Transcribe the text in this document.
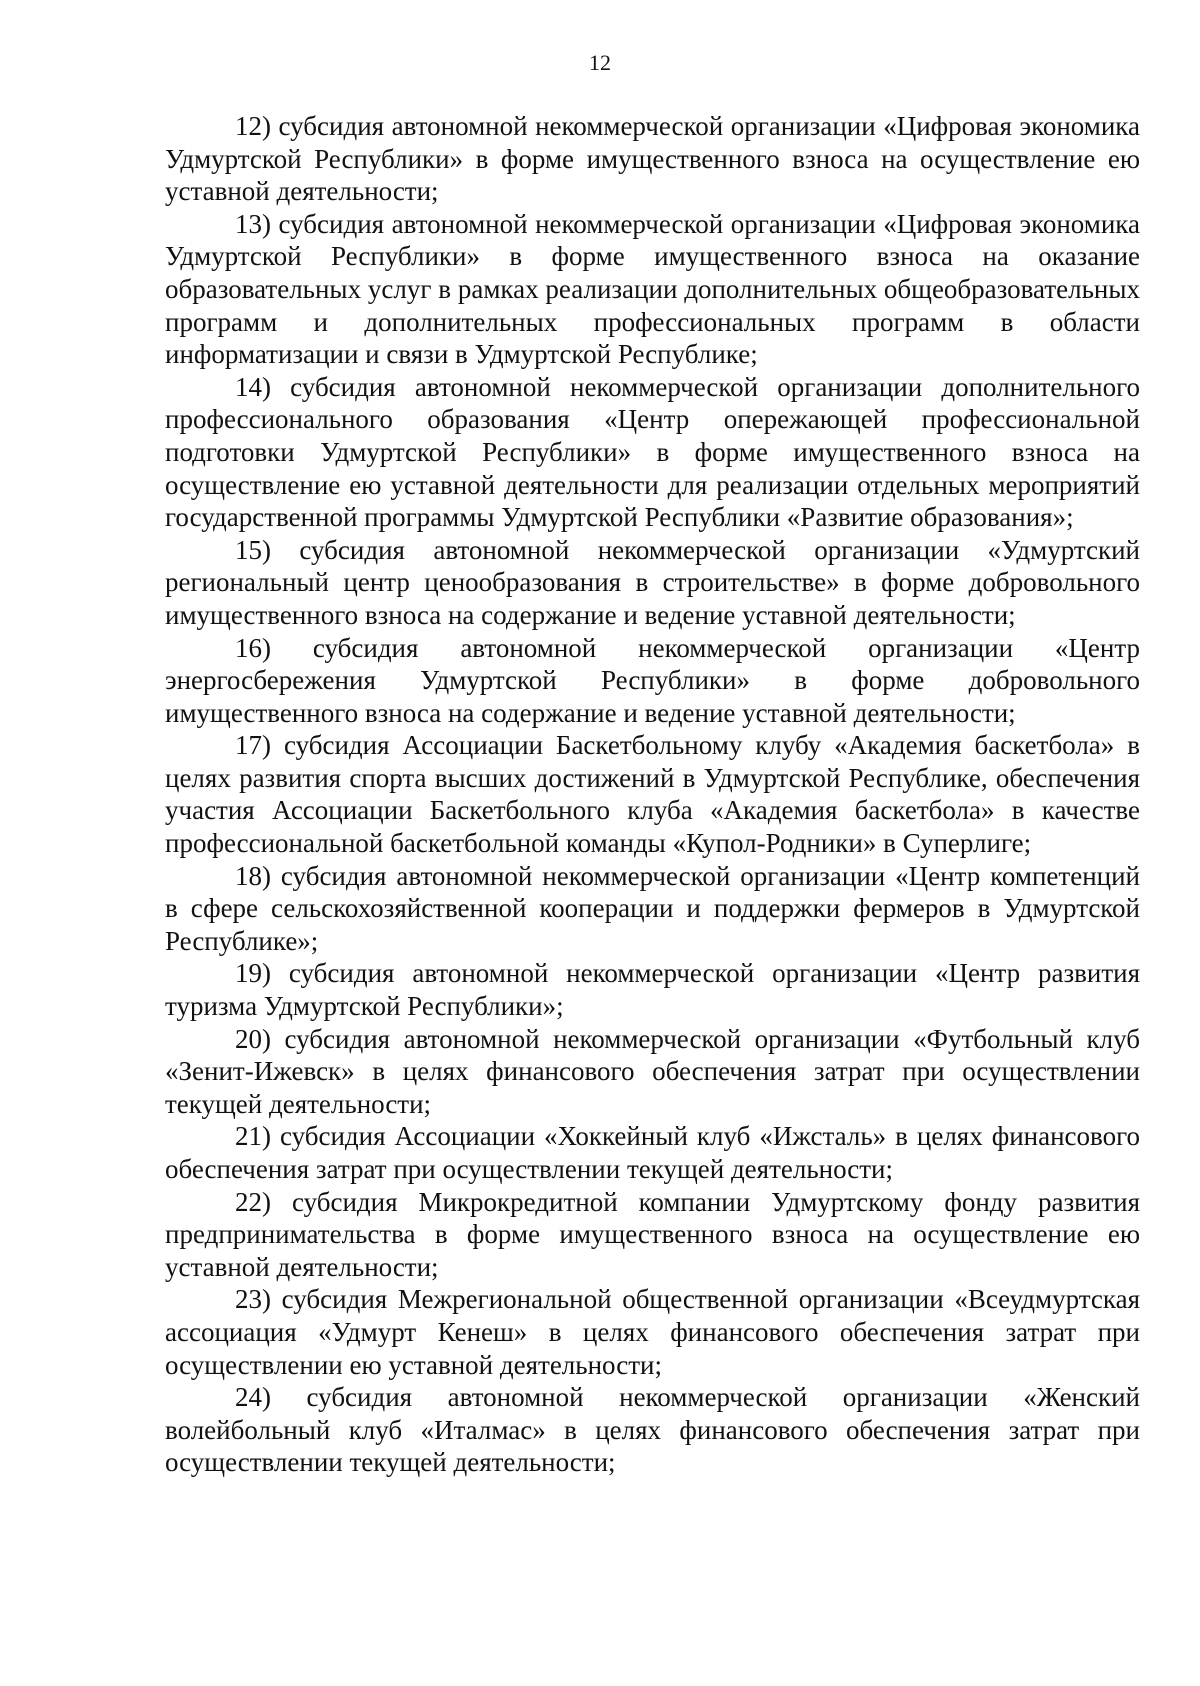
12

12) субсидия автономной некоммерческой организации «Цифровая экономика Удмуртской Республики» в форме имущественного взноса на осуществление ею уставной деятельности;

13) субсидия автономной некоммерческой организации «Цифровая экономика Удмуртской Республики» в форме имущественного взноса на оказание образовательных услуг в рамках реализации дополнительных общеобразовательных программ и дополнительных профессиональных программ в области информатизации и связи в Удмуртской Республике;

14) субсидия автономной некоммерческой организации дополнительного профессионального образования «Центр опережающей профессиональной подготовки Удмуртской Республики» в форме имущественного взноса на осуществление ею уставной деятельности для реализации отдельных мероприятий государственной программы Удмуртской Республики «Развитие образования»;

15) субсидия автономной некоммерческой организации «Удмуртский региональный центр ценообразования в строительстве» в форме добровольного имущественного взноса на содержание и ведение уставной деятельности;

16) субсидия автономной некоммерческой организации «Центр энергосбережения Удмуртской Республики» в форме добровольного имущественного взноса на содержание и ведение уставной деятельности;

17) субсидия Ассоциации Баскетбольному клубу «Академия баскетбола» в целях развития спорта высших достижений в Удмуртской Республике, обеспечения участия Ассоциации Баскетбольного клуба «Академия баскетбола» в качестве профессиональной баскетбольной команды «Купол-Родники» в Суперлиге;

18) субсидия автономной некоммерческой организации «Центр компетенций в сфере сельскохозяйственной кооперации и поддержки фермеров в Удмуртской Республике»;

19) субсидия автономной некоммерческой организации «Центр развития туризма Удмуртской Республики»;

20) субсидия автономной некоммерческой организации «Футбольный клуб «Зенит-Ижевск» в целях финансового обеспечения затрат при осуществлении текущей деятельности;

21) субсидия Ассоциации «Хоккейный клуб «Ижсталь» в целях финансового обеспечения затрат при осуществлении текущей деятельности;

22) субсидия Микрокредитной компании Удмуртскому фонду развития предпринимательства в форме имущественного взноса на осуществление ею уставной деятельности;

23) субсидия Межрегиональной общественной организации «Всеудмуртская ассоциация «Удмурт Кенеш» в целях финансового обеспечения затрат при осуществлении ею уставной деятельности;

24) субсидия автономной некоммерческой организации «Женский волейбольный клуб «Италмас» в целях финансового обеспечения затрат при осуществлении текущей деятельности;
